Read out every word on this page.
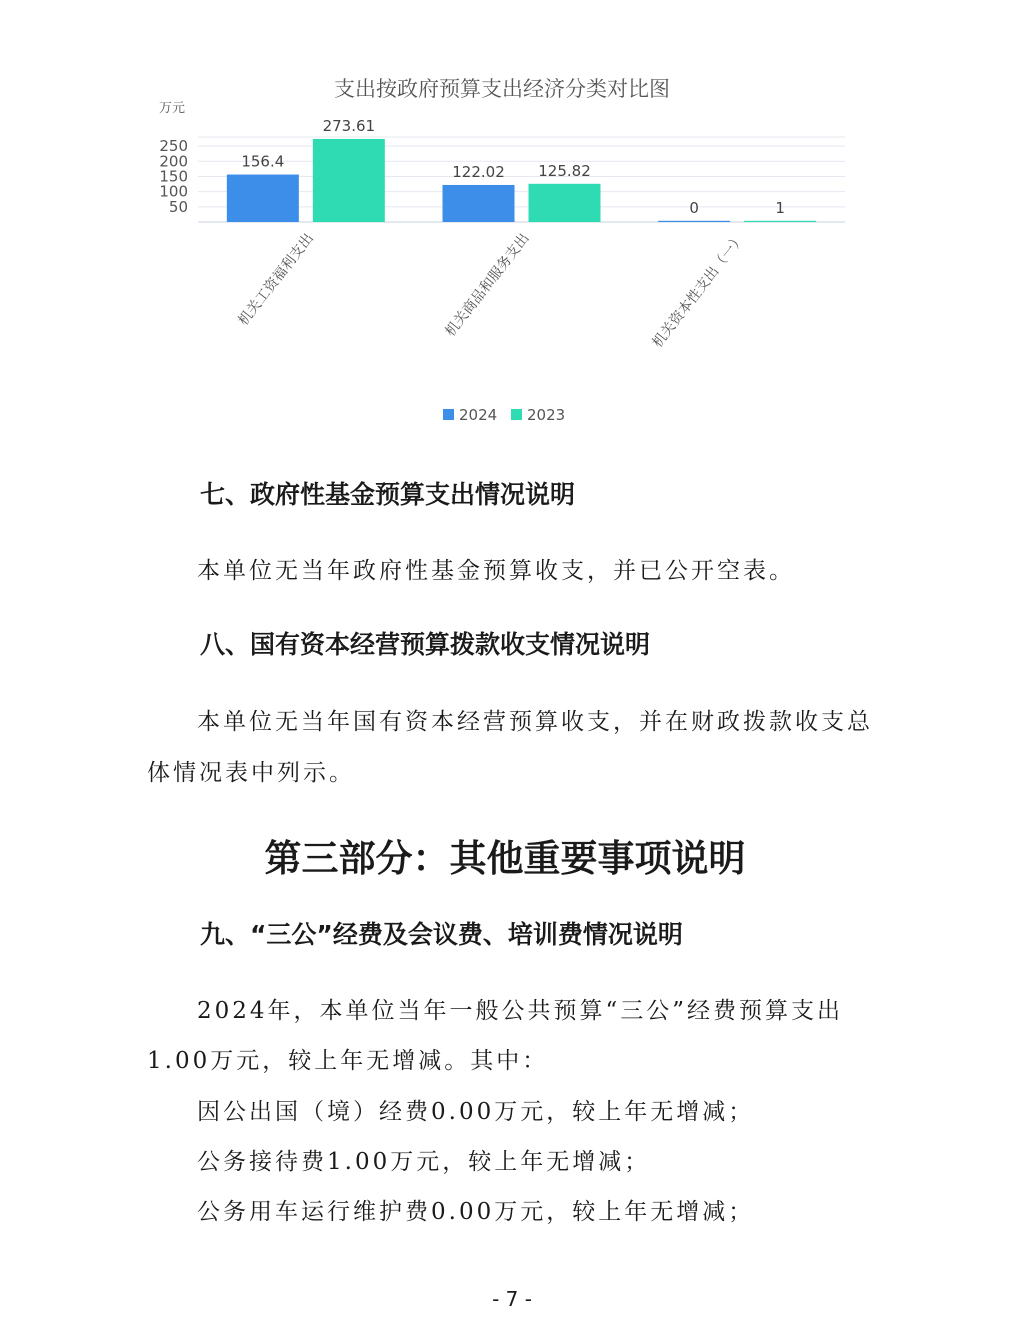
支出按政府预算支出经济分类对比图
万元
50
100
150
200
250
156.4
273.61
122.02 125.82
0	1
机关工资福利支出	机关商品和服务支出	机关资本性支出（一）
2024 2023
七、政府性基金预算支出情况说明
本单位无当年政府性基金预算收支，并已公开空表。
八、国有资本经营预算拨款收支情况说明
本单位无当年国有资本经营预算收支，并在财政拨款收支总
体情况表中列示。
第三部分：其他重要事项说明
九、“三公”经费及会议费、培训费情况说明
2024年，本单位当年一般公共预算“三公”经费预算支出
1.00万元，较上年无增减。其中：
因公出国（境）经费0.00万元，较上年无增减；
公务接待费1.00万元，较上年无增减；
公务用车运行维护费0.00万元，较上年无增减；
- 7 -
